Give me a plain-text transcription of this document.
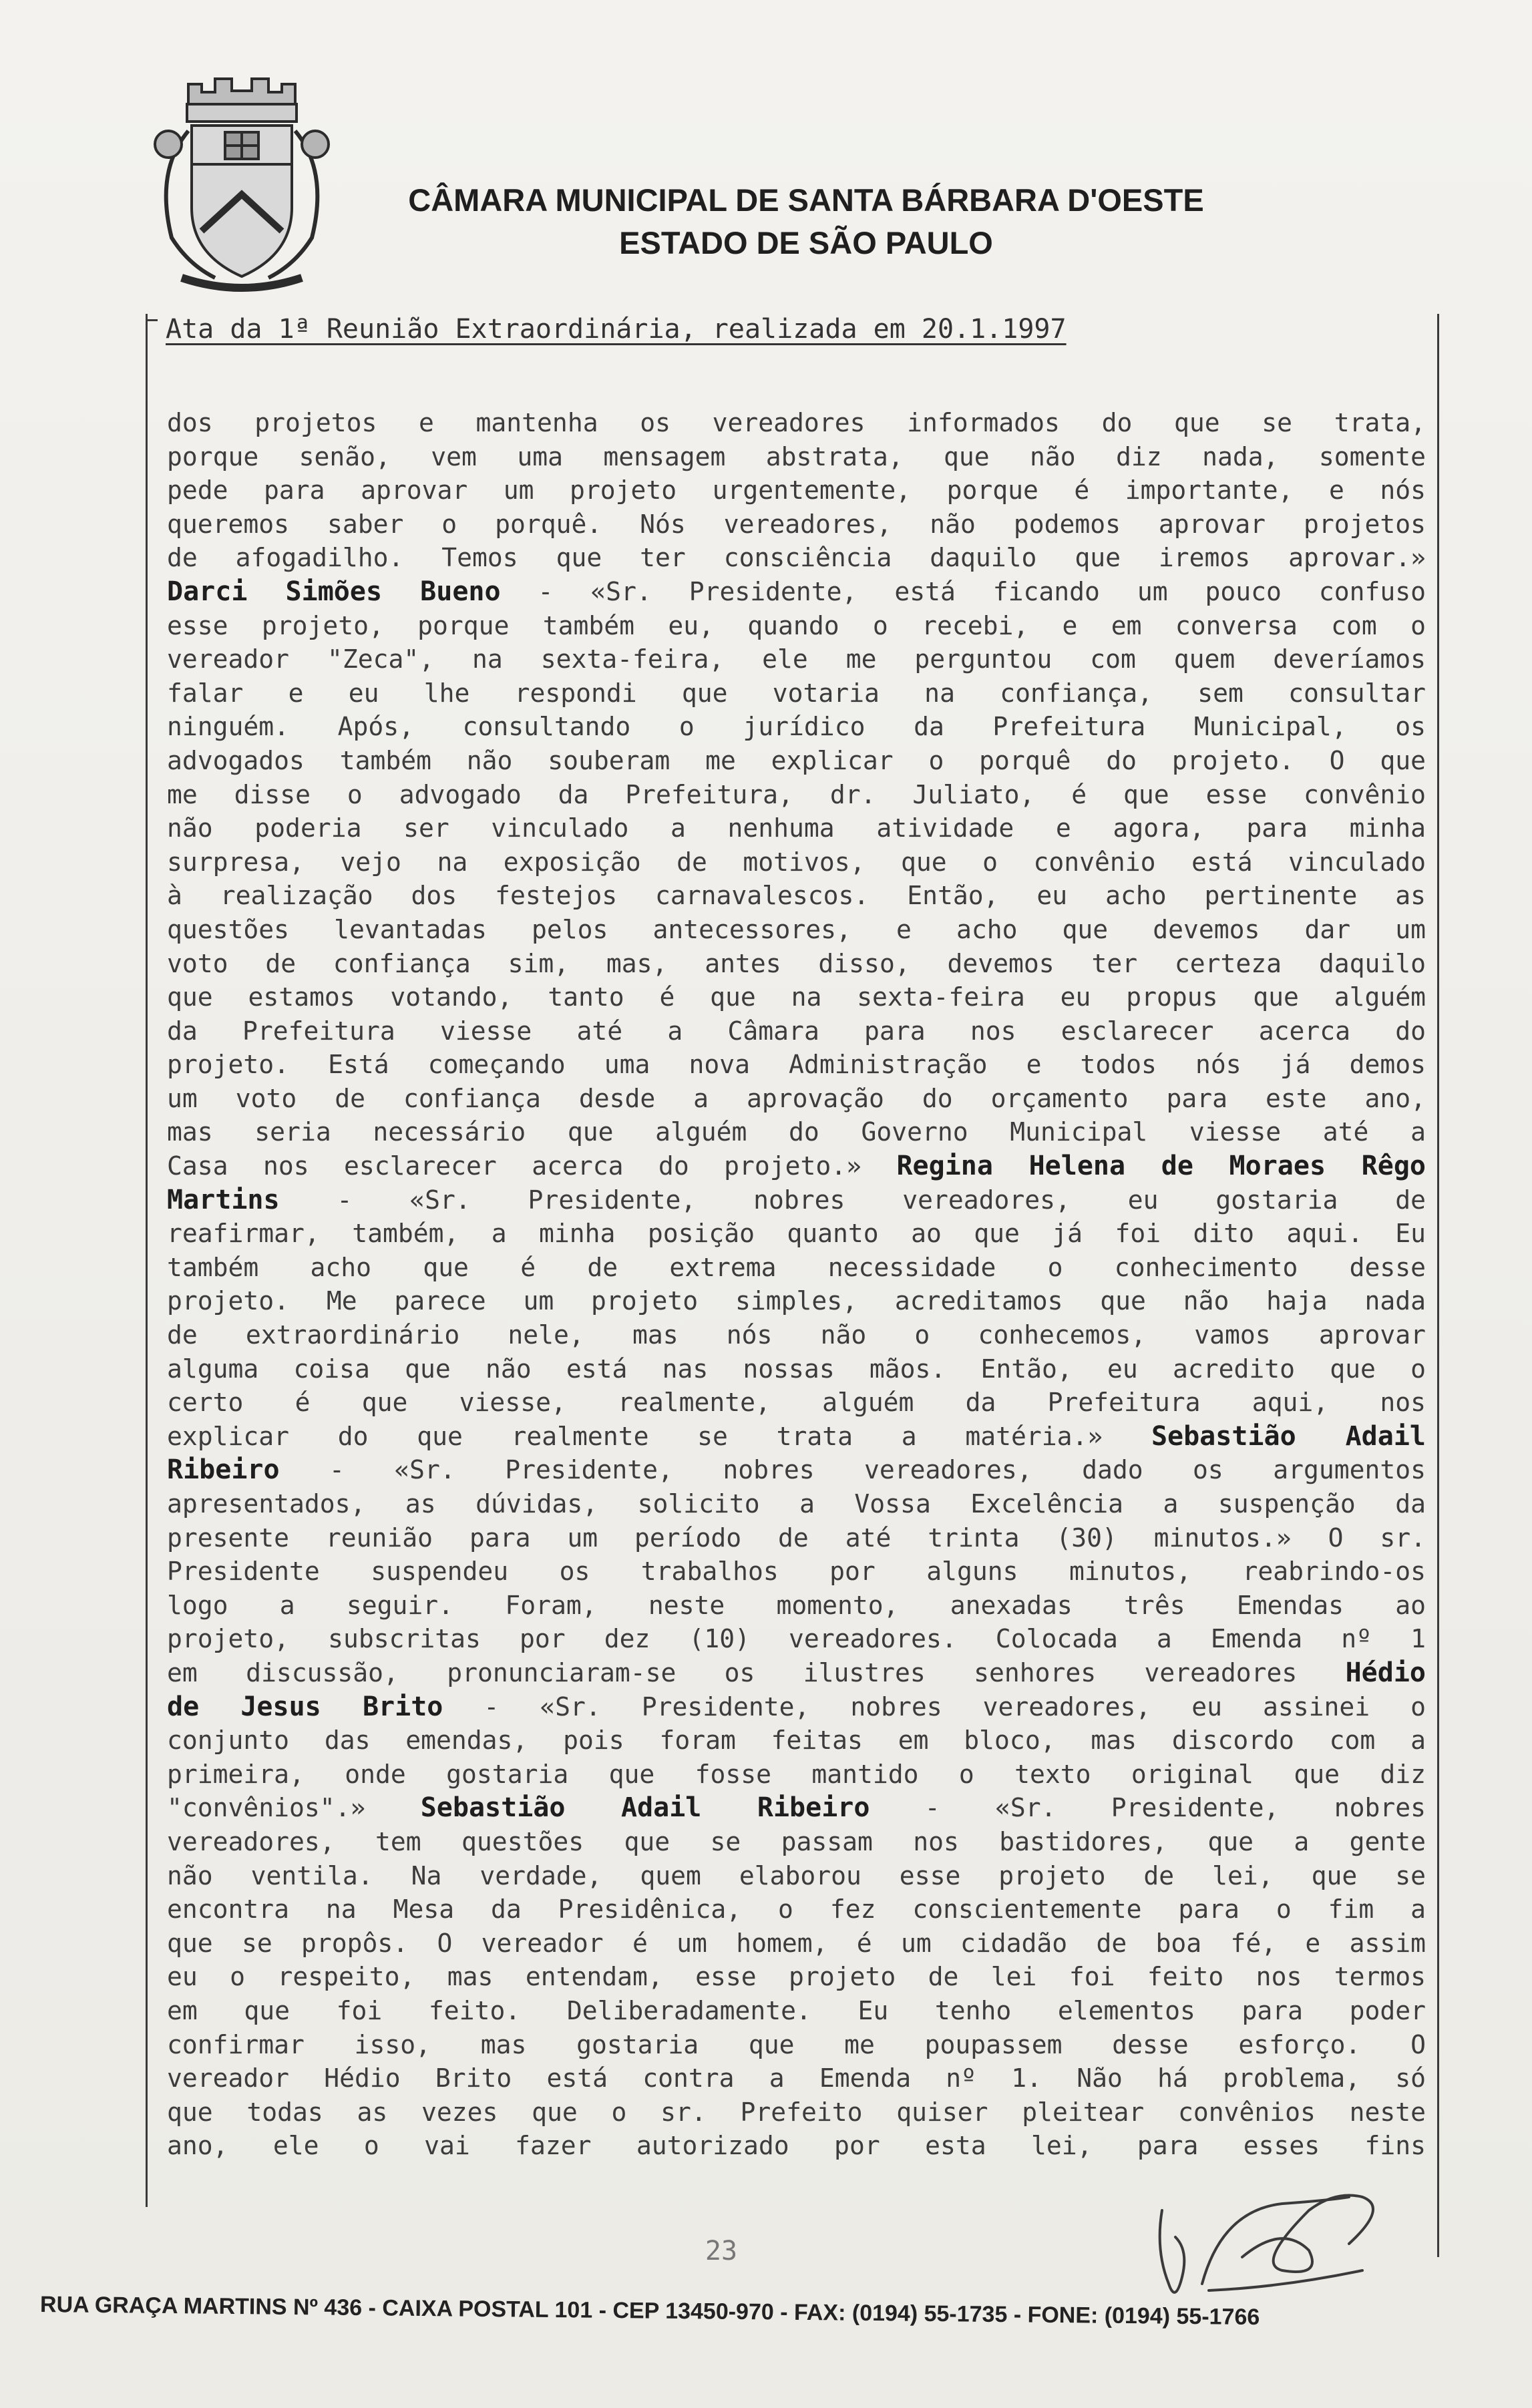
CÂMARA MUNICIPAL DE SANTA BÁRBARA D'OESTE
ESTADO DE SÃO PAULO
Ata da 1ª Reunião Extraordinária, realizada em 20.1.1997
dos projetos e mantenha os vereadores informados do que se trata,
porque senão, vem uma mensagem abstrata, que não diz nada, somente
pede para aprovar um projeto urgentemente, porque é importante, e nós
queremos saber o porquê. Nós vereadores, não podemos aprovar projetos
de afogadilho. Temos que ter consciência daquilo que iremos aprovar.»
Darci Simões Bueno - «Sr. Presidente, está ficando um pouco confuso
esse projeto, porque também eu, quando o recebi, e em conversa com o
vereador "Zeca", na sexta-feira, ele me perguntou com quem deveríamos
falar e eu lhe respondi que votaria na confiança, sem consultar
ninguém. Após, consultando o jurídico da Prefeitura Municipal, os
advogados também não souberam me explicar o porquê do projeto. O que
me disse o advogado da Prefeitura, dr. Juliato, é que esse convênio
não poderia ser vinculado a nenhuma atividade e agora, para minha
surpresa, vejo na exposição de motivos, que o convênio está vinculado
à realização dos festejos carnavalescos. Então, eu acho pertinente as
questões levantadas pelos antecessores, e acho que devemos dar um
voto de confiança sim, mas, antes disso, devemos ter certeza daquilo
que estamos votando, tanto é que na sexta-feira eu propus que alguém
da Prefeitura viesse até a Câmara para nos esclarecer acerca do
projeto. Está começando uma nova Administração e todos nós já demos
um voto de confiança desde a aprovação do orçamento para este ano,
mas seria necessário que alguém do Governo Municipal viesse até a
Casa nos esclarecer acerca do projeto.» Regina Helena de Moraes Rêgo
Martins - «Sr. Presidente, nobres vereadores, eu gostaria de
reafirmar, também, a minha posição quanto ao que já foi dito aqui. Eu
também acho que é de extrema necessidade o conhecimento desse
projeto. Me parece um projeto simples, acreditamos que não haja nada
de extraordinário nele, mas nós não o conhecemos, vamos aprovar
alguma coisa que não está nas nossas mãos. Então, eu acredito que o
certo é que viesse, realmente, alguém da Prefeitura aqui, nos
explicar do que realmente se trata a matéria.» Sebastião Adail
Ribeiro - «Sr. Presidente, nobres vereadores, dado os argumentos
apresentados, as dúvidas, solicito a Vossa Excelência a suspenção da
presente reunião para um período de até trinta (30) minutos.» O sr.
Presidente suspendeu os trabalhos por alguns minutos, reabrindo-os
logo a seguir. Foram, neste momento, anexadas três Emendas ao
projeto, subscritas por dez (10) vereadores. Colocada a Emenda nº 1
em discussão, pronunciaram-se os ilustres senhores vereadores Hédio
de Jesus Brito - «Sr. Presidente, nobres vereadores, eu assinei o
conjunto das emendas, pois foram feitas em bloco, mas discordo com a
primeira, onde gostaria que fosse mantido o texto original que diz
"convênios".» Sebastião Adail Ribeiro - «Sr. Presidente, nobres
vereadores, tem questões que se passam nos bastidores, que a gente
não ventila. Na verdade, quem elaborou esse projeto de lei, que se
encontra na Mesa da Presidênica, o fez conscientemente para o fim a
que se propôs. O vereador é um homem, é um cidadão de boa fé, e assim
eu o respeito, mas entendam, esse projeto de lei foi feito nos termos
em que foi feito. Deliberadamente. Eu tenho elementos para poder
confirmar isso, mas gostaria que me poupassem desse esforço. O
vereador Hédio Brito está contra a Emenda nº 1. Não há problema, só
que todas as vezes que o sr. Prefeito quiser pleitear convênios neste
ano, ele o vai fazer autorizado por esta lei, para esses fins
23
RUA GRAÇA MARTINS Nº 436 - CAIXA POSTAL 101 - CEP 13450-970 - FAX: (0194) 55-1735 - FONE: (0194) 55-1766
